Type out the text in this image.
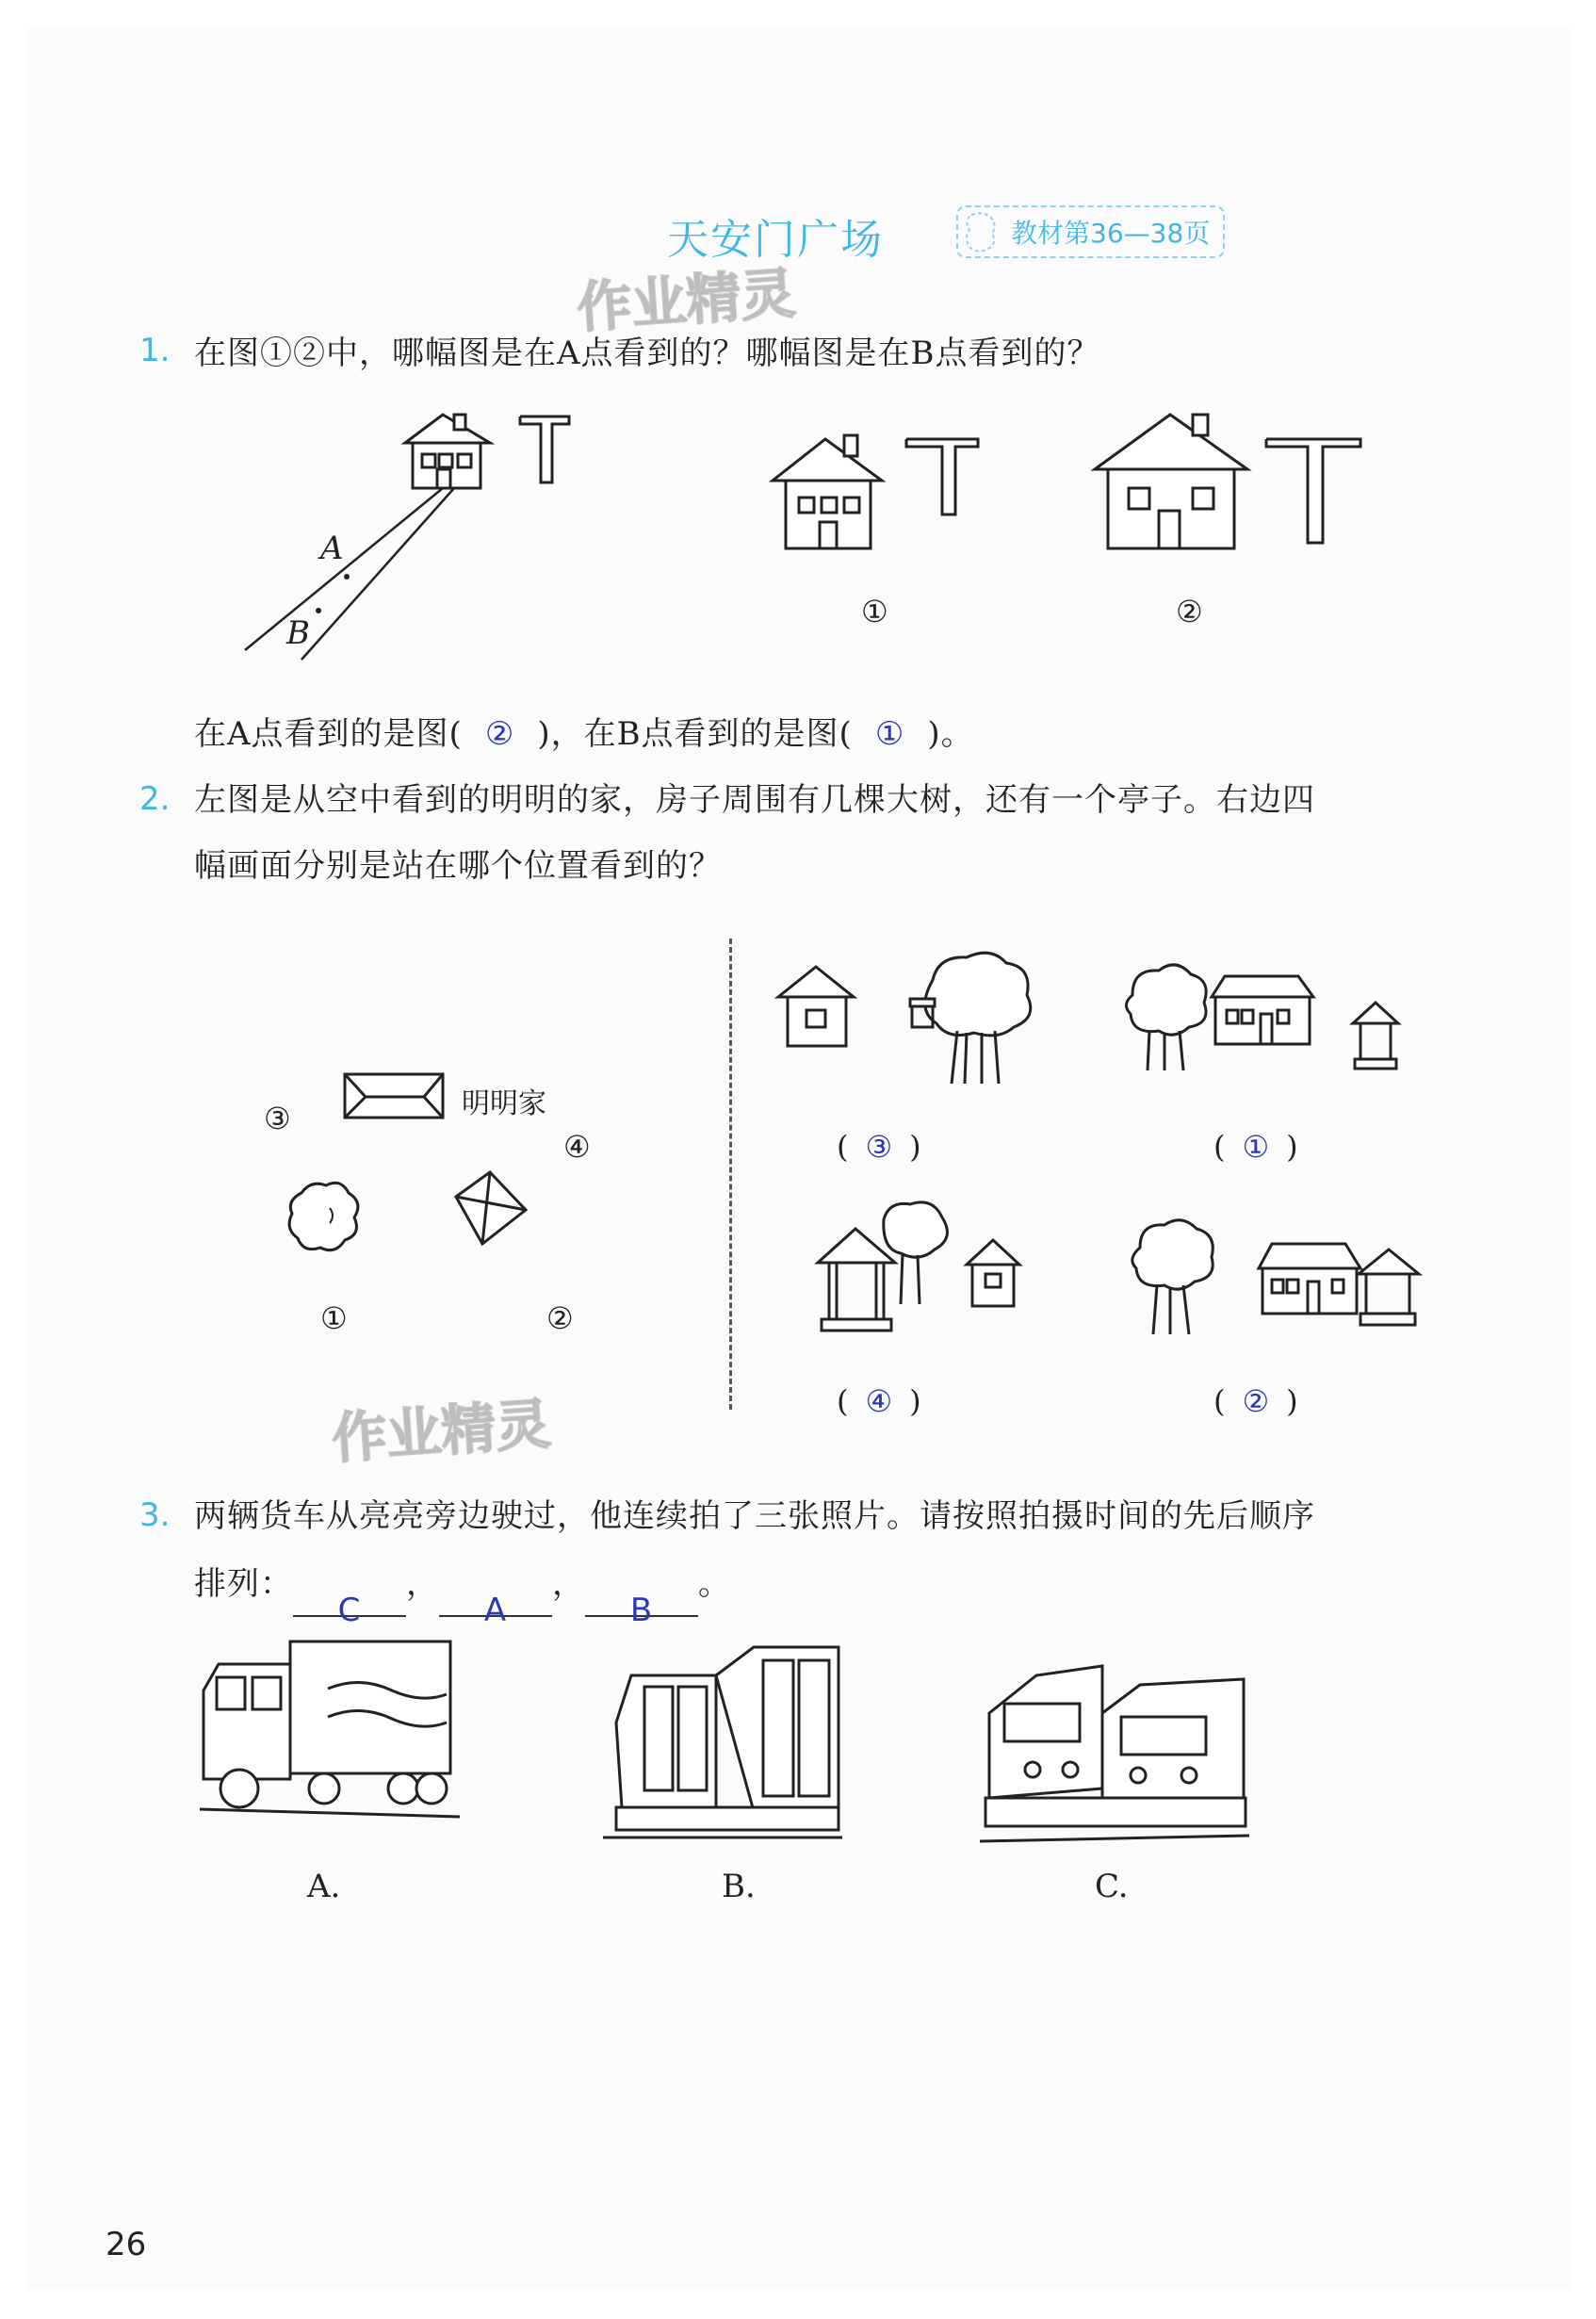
天安门广场	教材第36—38页
作业精灵
1. 在图①②中，哪幅图是在A点看到的？哪幅图是在B点看到的？
A
B
①	②
在A点看到的是图( ② )，在B点看到的是图( ① )。
2. 左图是从空中看到的明明的家，房子周围有几棵大树，还有一个亭子。右边四
幅画面分别是站在哪个位置看到的？
明明家
③
④
①	②
( ③ )	( ① )
( ④ )	( ② )
作业精灵
3. 两辆货车从亮亮旁边驶过，他连续拍了三张照片。请按照拍摄时间的先后顺序
排列：C，A，B。
A.	B.	C.
26
